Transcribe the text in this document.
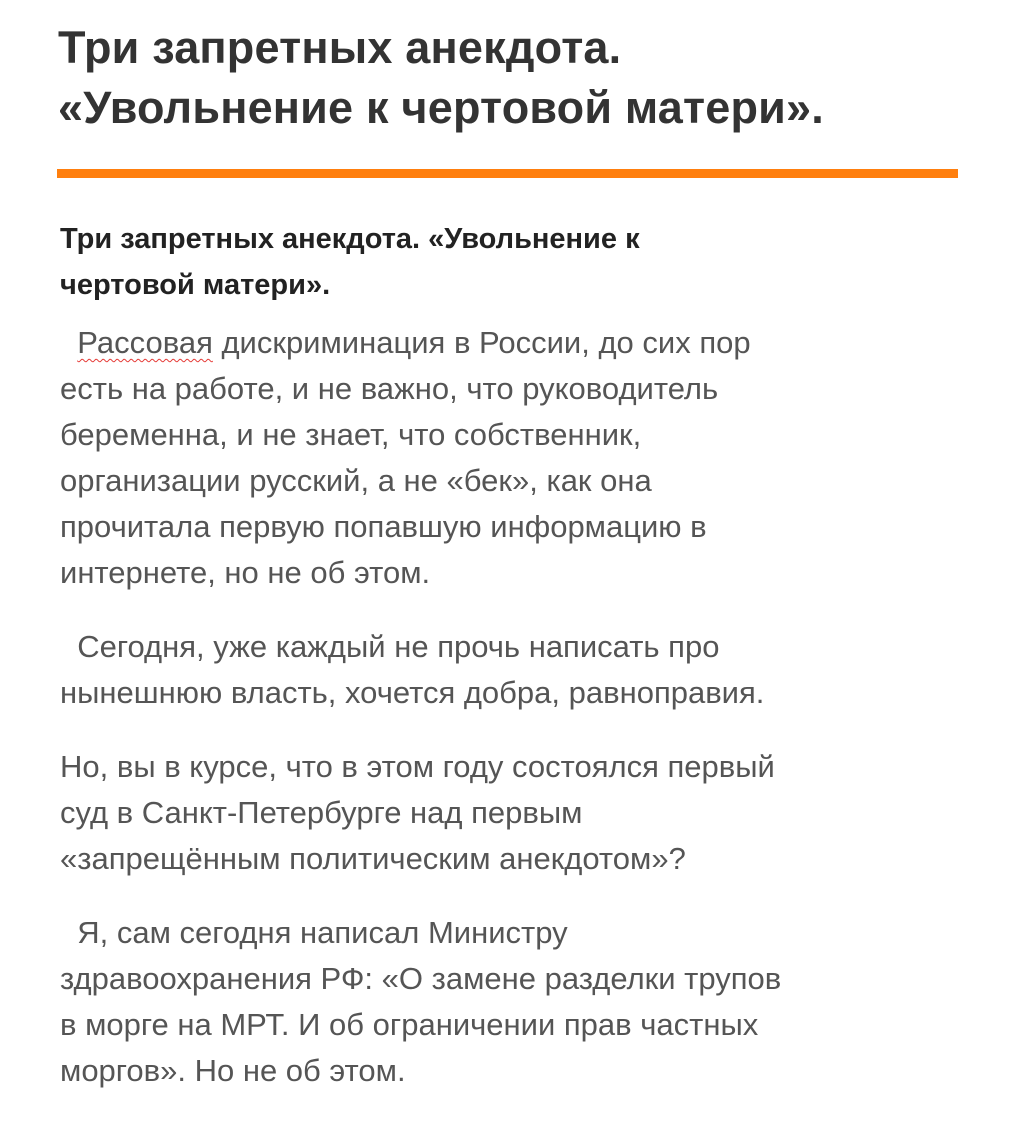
Три запретных анекдота.
«Увольнение к чертовой матери».
Три запретных анекдота. «Увольнение к
чертовой матери».

Рассовая дискриминация в России, до сих пор
есть на работе, и не важно, что руководитель
беременна, и не знает, что собственник,
организации русский, а не «бек», как она
прочитала первую попавшую информацию в
интернете, но не об этом.

Сегодня, уже каждый не прочь написать про
нынешнюю власть, хочется добра, равноправия.

Но, вы в курсе, что в этом году состоялся первый
суд в Санкт-Петербурге над первым
«запрещённым политическим анекдотом»?

Я, сам сегодня написал Министру
здравоохранения РФ: «О замене разделки трупов
в морге на МРТ. И об ограничении прав частных
моргов». Но не об этом.
